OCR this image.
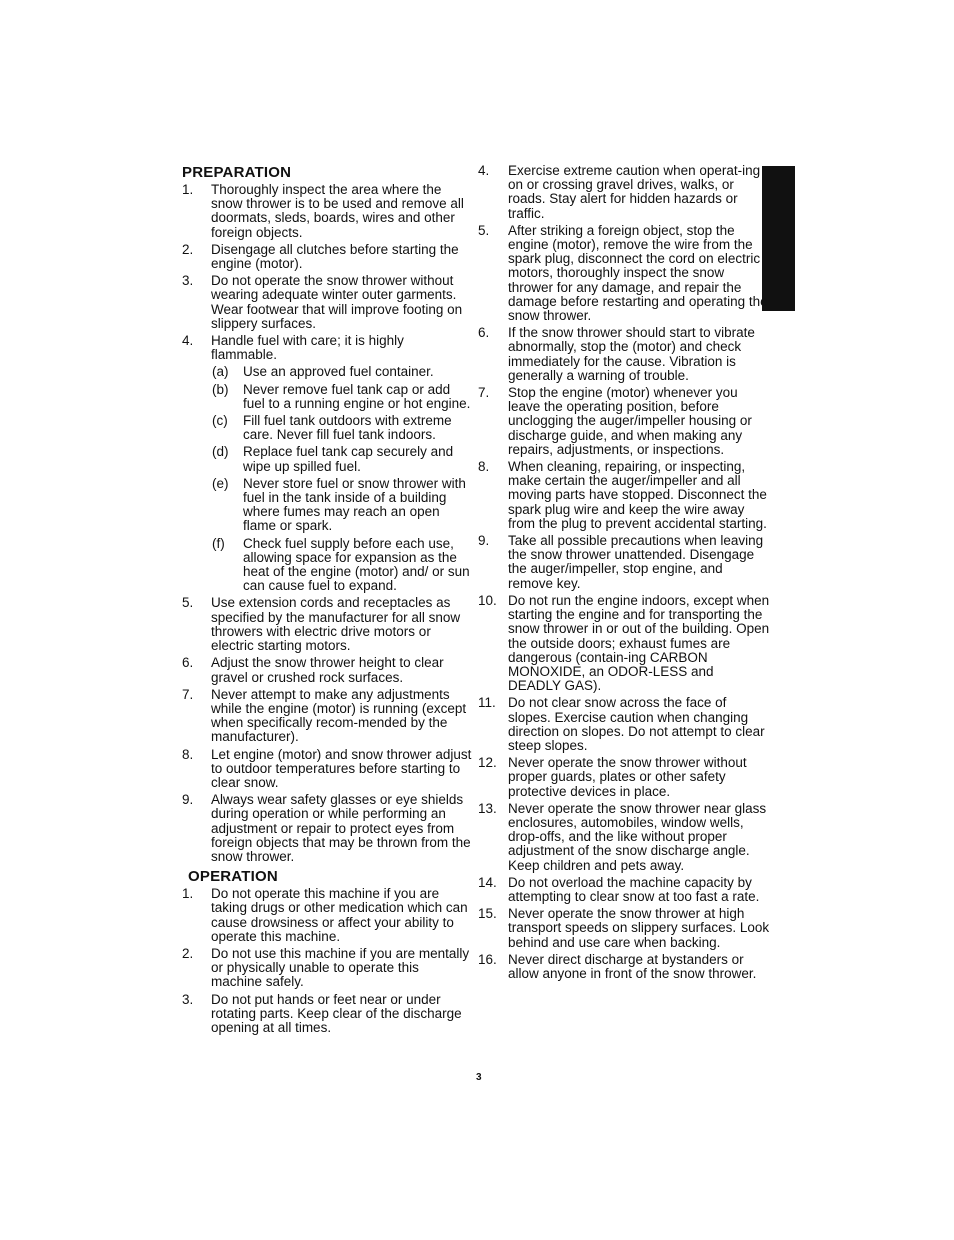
PREPARATION
1. Thoroughly inspect the area where the snow thrower is to be used and remove all doormats, sleds, boards, wires and other foreign objects.
2. Disengage all clutches before starting the engine (motor).
3. Do not operate the snow thrower without wearing adequate winter outer garments. Wear footwear that will improve footing on slippery surfaces.
4. Handle fuel with care; it is highly flammable.
(a) Use an approved fuel container.
(b) Never remove fuel tank cap or add fuel to a running engine or hot engine.
(c) Fill fuel tank outdoors with extreme care. Never fill fuel tank indoors.
(d) Replace fuel tank cap securely and wipe up spilled fuel.
(e) Never store fuel or snow thrower with fuel in the tank inside of a building where fumes may reach an open flame or spark.
(f) Check fuel supply before each use, allowing space for expansion as the heat of the engine (motor) and/ or sun can cause fuel to expand.
5. Use extension cords and receptacles as specified by the manufacturer for all snow throwers with electric drive motors or electric starting motors.
6. Adjust the snow thrower height to clear gravel or crushed rock surfaces.
7. Never attempt to make any adjustments while the engine (motor) is running (except when specifically recom-mended by the manufacturer).
8. Let engine (motor) and snow thrower adjust to outdoor temperatures before starting to clear snow.
9. Always wear safety glasses or eye shields during operation or while performing an adjustment or repair to protect eyes from foreign objects that may be thrown from the snow thrower.
OPERATION
1. Do not operate this machine if you are taking drugs or other medication which can cause drowsiness or affect your ability to operate this machine.
2. Do not use this machine if you are mentally or physically unable to operate this machine safely.
3. Do not put hands or feet near or under rotating parts. Keep clear of the discharge opening at all times.
4. Exercise extreme caution when operat-ing on or crossing gravel drives, walks, or roads. Stay alert for hidden hazards or traffic.
5. After striking a foreign object, stop the engine (motor), remove the wire from the spark plug, disconnect the cord on electric motors, thoroughly inspect the snow thrower for any damage, and repair the damage before restarting and operating the snow thrower.
6. If the snow thrower should start to vibrate abnormally, stop the (motor) and check immediately for the cause. Vibration is generally a warning of trouble.
7. Stop the engine (motor) whenever you leave the operating position, before unclogging the auger/impeller housing or discharge guide, and when making any repairs, adjustments, or inspections.
8. When cleaning, repairing, or inspecting, make certain the auger/impeller and all moving parts have stopped. Disconnect the spark plug wire and keep the wire away from the plug to prevent accidental starting.
9. Take all possible precautions when leaving the snow thrower unattended. Disengage the auger/impeller, stop engine, and remove key.
10. Do not run the engine indoors, except when starting the engine and for transporting the snow thrower in or out of the building. Open the outside doors; exhaust fumes are dangerous (contain-ing CARBON MONOXIDE, an ODOR-LESS and DEADLY GAS).
11. Do not clear snow across the face of slopes. Exercise caution when changing direction on slopes. Do not attempt to clear steep slopes.
12. Never operate the snow thrower without proper guards, plates or other safety protective devices in place.
13. Never operate the snow thrower near glass enclosures, automobiles, window wells, drop-offs, and the like without proper adjustment of the snow discharge angle. Keep children and pets away.
14. Do not overload the machine capacity by attempting to clear snow at too fast a rate.
15. Never operate the snow thrower at high transport speeds on slippery surfaces. Look behind and use care when backing.
16. Never direct discharge at bystanders or allow anyone in front of the snow thrower.
3
